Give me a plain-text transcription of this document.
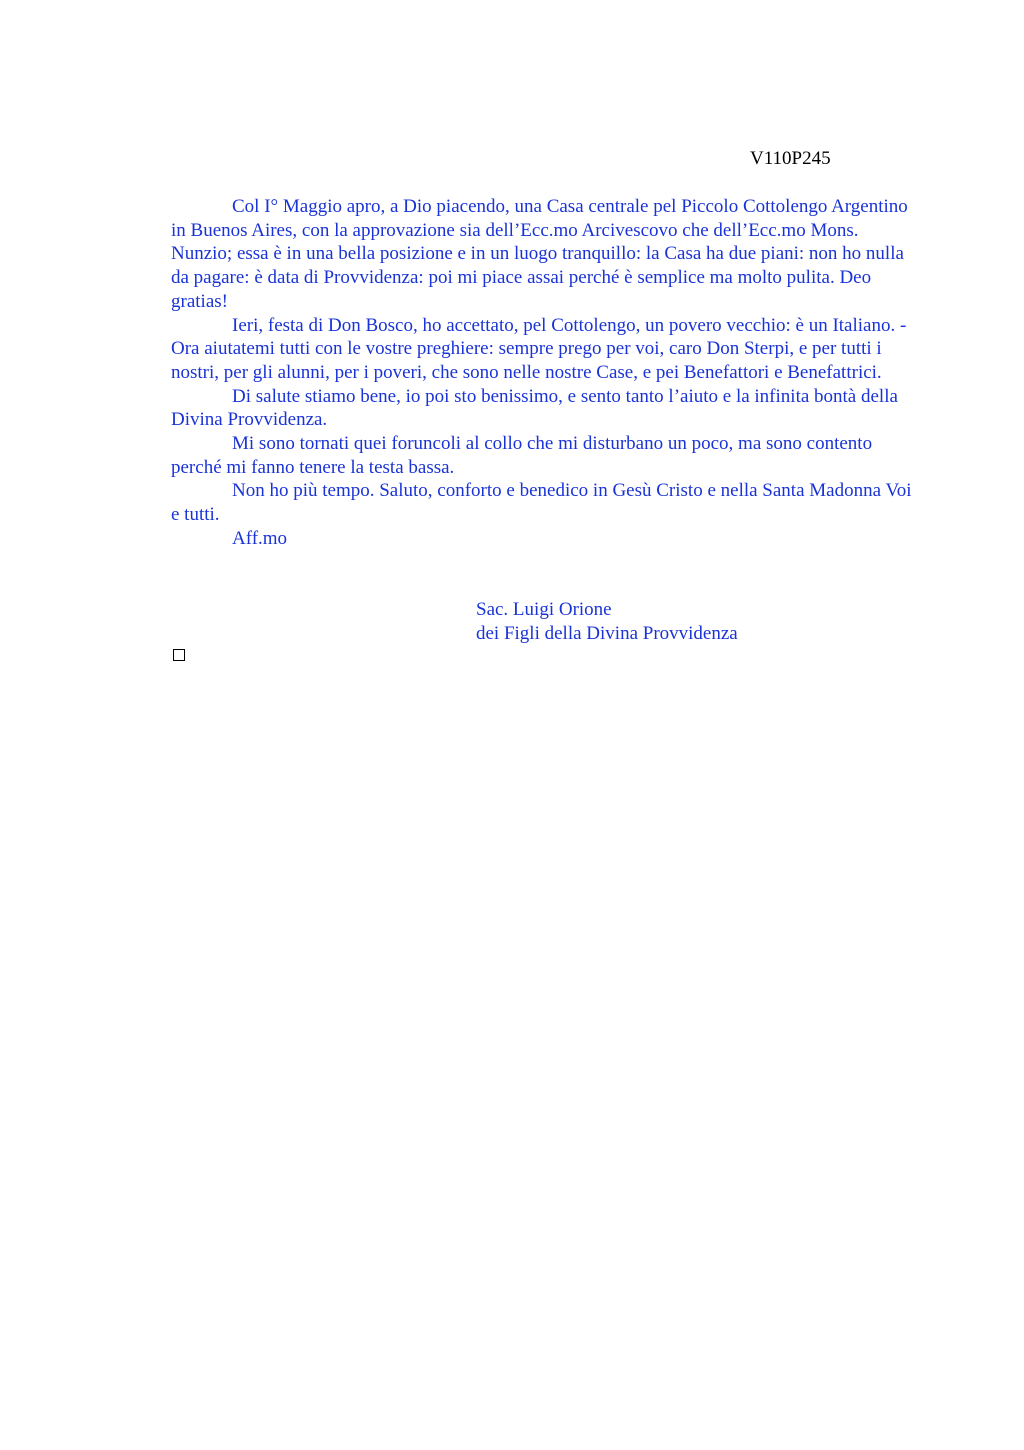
V110P245

Col I° Maggio apro, a Dio piacendo, una Casa centrale pel Piccolo Cottolengo Argentino in Buenos Aires, con la approvazione sia dell’Ecc.mo Arcivescovo che dell’Ecc.mo Mons. Nunzio; essa è in una bella posizione e in un luogo tranquillo: la Casa ha due piani: non ho nulla da pagare: è data di Provvidenza: poi mi piace assai perché è semplice ma molto pulita. Deo gratias!

Ieri, festa di Don Bosco, ho accettato, pel Cottolengo, un povero vecchio: è un Italiano. - Ora aiutatemi tutti con le vostre preghiere: sempre prego per voi, caro Don Sterpi, e per tutti i nostri, per gli alunni, per i poveri, che sono nelle nostre Case, e pei Benefattori e Benefattrici.

Di salute stiamo bene, io poi sto benissimo, e sento tanto l’aiuto e la infinita bontà della Divina Provvidenza.

Mi sono tornati quei foruncoli al collo che mi disturbano un poco, ma sono contento perché mi fanno tenere la testa bassa.

Non ho più tempo. Saluto, conforto e benedico in Gesù Cristo e nella Santa Madonna Voi e tutti.

Aff.mo

Sac. Luigi Orione
dei Figli della Divina Provvidenza
